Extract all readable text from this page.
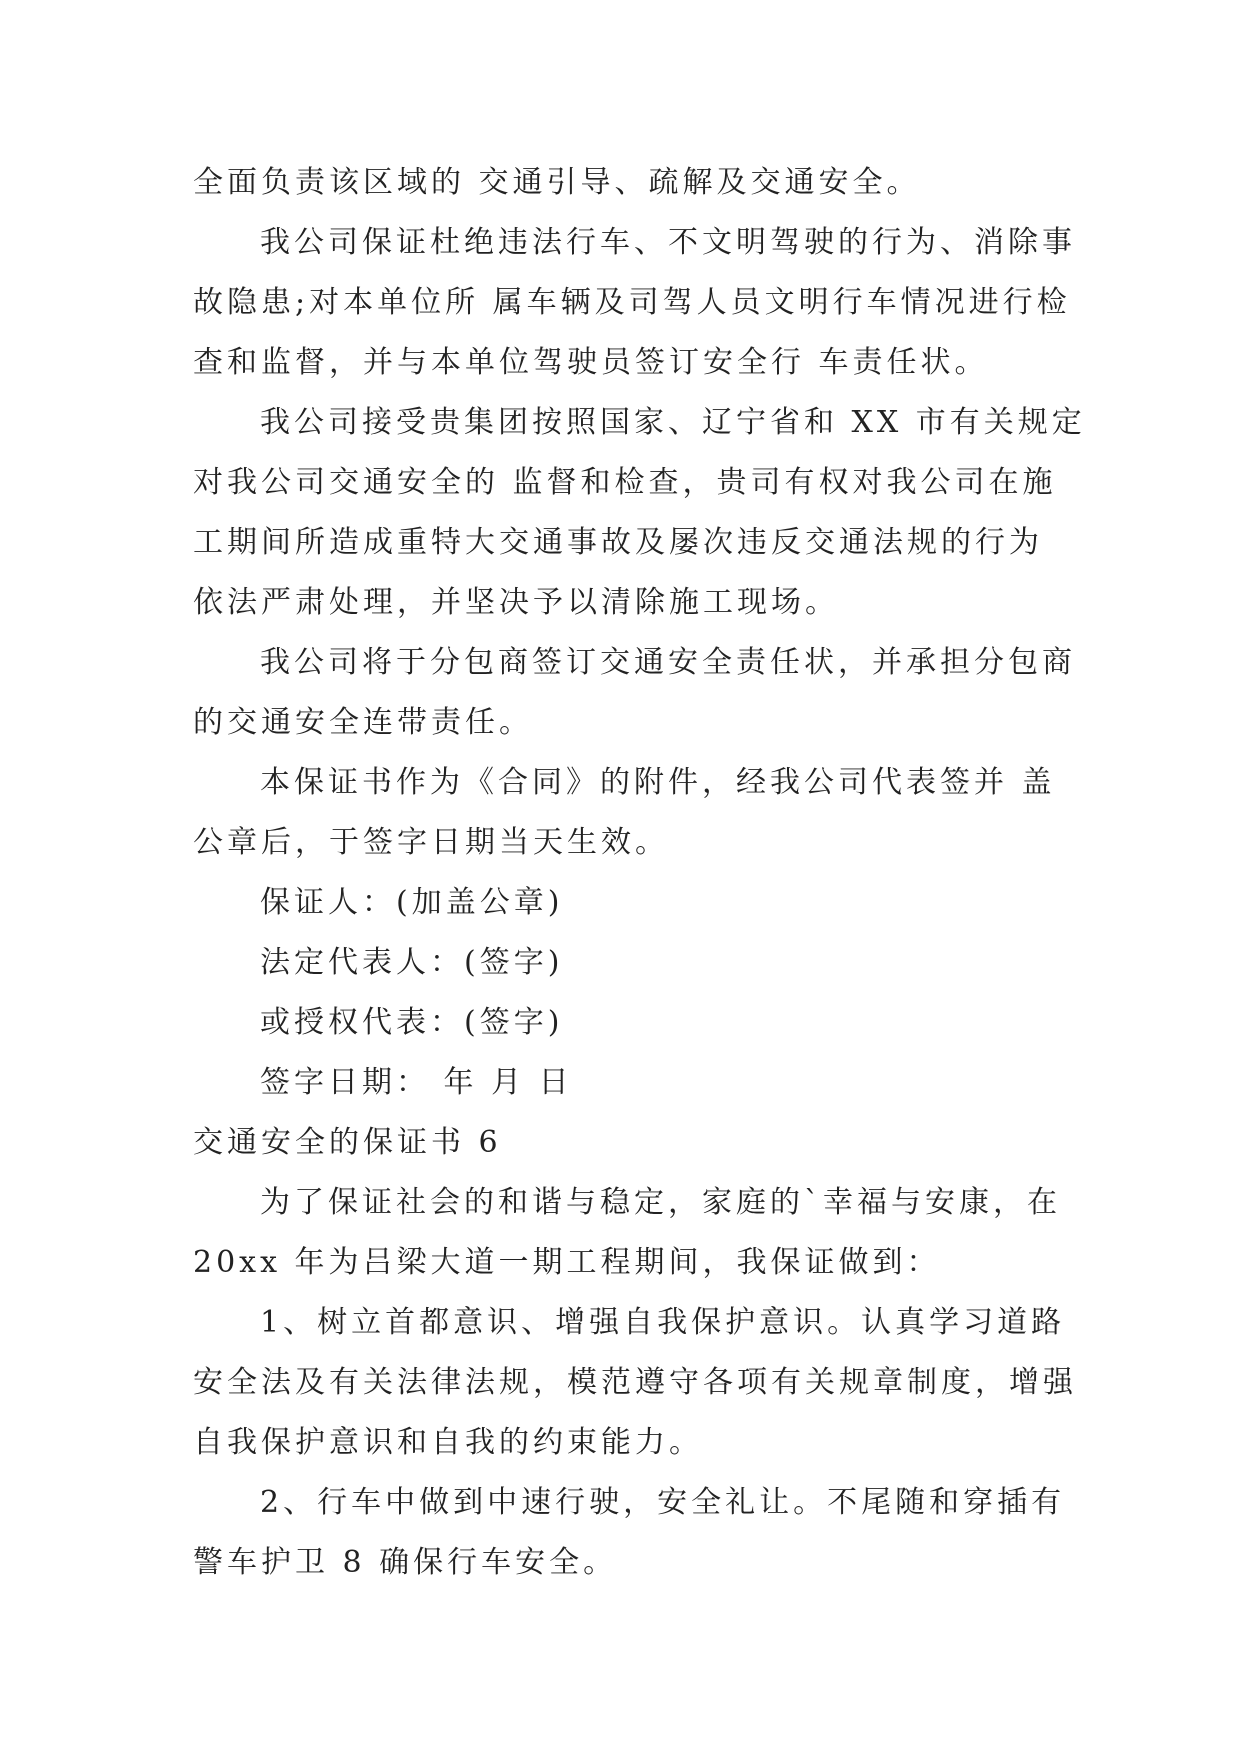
全面负责该区域的 交通引导、疏解及交通安全。

我公司保证杜绝违法行车、不文明驾驶的行为、消除事

故隐患;对本单位所 属车辆及司驾人员文明行车情况进行检

查和监督，并与本单位驾驶员签订安全行 车责任状。

我公司接受贵集团按照国家、辽宁省和 XX 市有关规定

对我公司交通安全的 监督和检查，贵司有权对我公司在施

工期间所造成重特大交通事故及屡次违反交通法规的行为

依法严肃处理，并坚决予以清除施工现场。

我公司将于分包商签订交通安全责任状，并承担分包商

的交通安全连带责任。

本保证书作为《合同》的附件，经我公司代表签并 盖

公章后，于签字日期当天生效。

保证人：(加盖公章)

法定代表人：(签字)

或授权代表：(签字)

签字日期： 年 月 日

交通安全的保证书 6

为了保证社会的和谐与稳定，家庭的`幸福与安康，在

20xx 年为吕梁大道一期工程期间，我保证做到：

1、树立首都意识、增强自我保护意识。认真学习道路

安全法及有关法律法规，模范遵守各项有关规章制度，增强

自我保护意识和自我的约束能力。

2、行车中做到中速行驶，安全礼让。不尾随和穿插有

警车护卫 8 确保行车安全。
